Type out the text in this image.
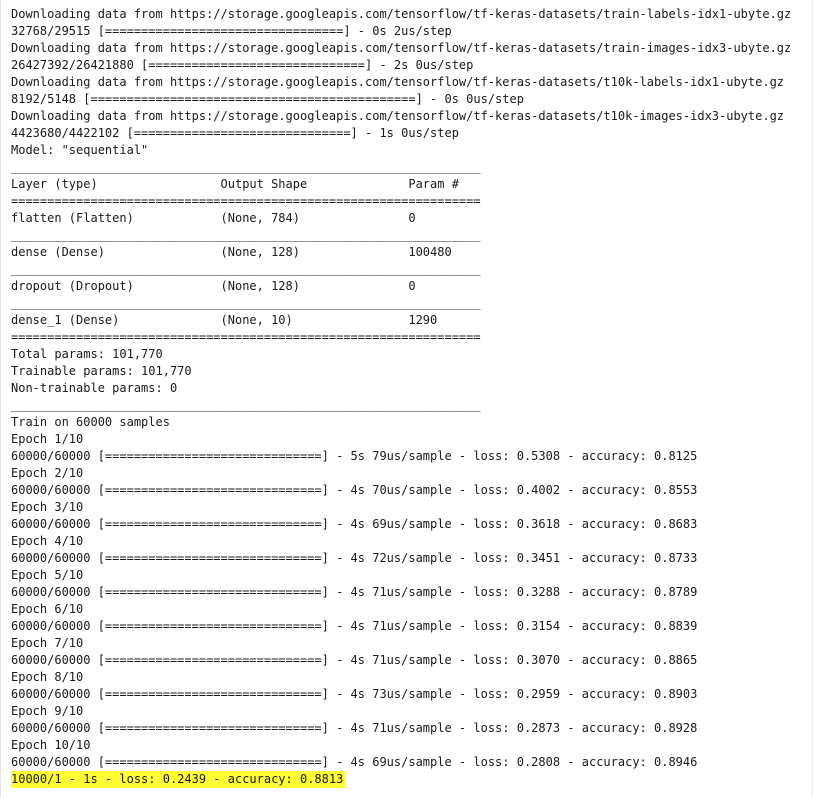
Downloading data from https://storage.googleapis.com/tensorflow/tf-keras-datasets/train-labels-idx1-ubyte.gz
32768/29515 [=================================] - 0s 2us/step
Downloading data from https://storage.googleapis.com/tensorflow/tf-keras-datasets/train-images-idx3-ubyte.gz
26427392/26421880 [==============================] - 2s 0us/step
Downloading data from https://storage.googleapis.com/tensorflow/tf-keras-datasets/t10k-labels-idx1-ubyte.gz
8192/5148 [=============================================] - 0s 0us/step
Downloading data from https://storage.googleapis.com/tensorflow/tf-keras-datasets/t10k-images-idx3-ubyte.gz
4423680/4422102 [==============================] - 1s 0us/step
Model: "sequential"
_________________________________________________________________
Layer (type)                 Output Shape              Param #
=================================================================
flatten (Flatten)            (None, 784)               0
_________________________________________________________________
dense (Dense)                (None, 128)               100480
_________________________________________________________________
dropout (Dropout)            (None, 128)               0
_________________________________________________________________
dense_1 (Dense)              (None, 10)                1290
=================================================================
Total params: 101,770
Trainable params: 101,770
Non-trainable params: 0
_________________________________________________________________
Train on 60000 samples
Epoch 1/10
60000/60000 [==============================] - 5s 79us/sample - loss: 0.5308 - accuracy: 0.8125
Epoch 2/10
60000/60000 [==============================] - 4s 70us/sample - loss: 0.4002 - accuracy: 0.8553
Epoch 3/10
60000/60000 [==============================] - 4s 69us/sample - loss: 0.3618 - accuracy: 0.8683
Epoch 4/10
60000/60000 [==============================] - 4s 72us/sample - loss: 0.3451 - accuracy: 0.8733
Epoch 5/10
60000/60000 [==============================] - 4s 71us/sample - loss: 0.3288 - accuracy: 0.8789
Epoch 6/10
60000/60000 [==============================] - 4s 71us/sample - loss: 0.3154 - accuracy: 0.8839
Epoch 7/10
60000/60000 [==============================] - 4s 71us/sample - loss: 0.3070 - accuracy: 0.8865
Epoch 8/10
60000/60000 [==============================] - 4s 73us/sample - loss: 0.2959 - accuracy: 0.8903
Epoch 9/10
60000/60000 [==============================] - 4s 71us/sample - loss: 0.2873 - accuracy: 0.8928
Epoch 10/10
60000/60000 [==============================] - 4s 69us/sample - loss: 0.2808 - accuracy: 0.8946
10000/1 - 1s - loss: 0.2439 - accuracy: 0.8813
